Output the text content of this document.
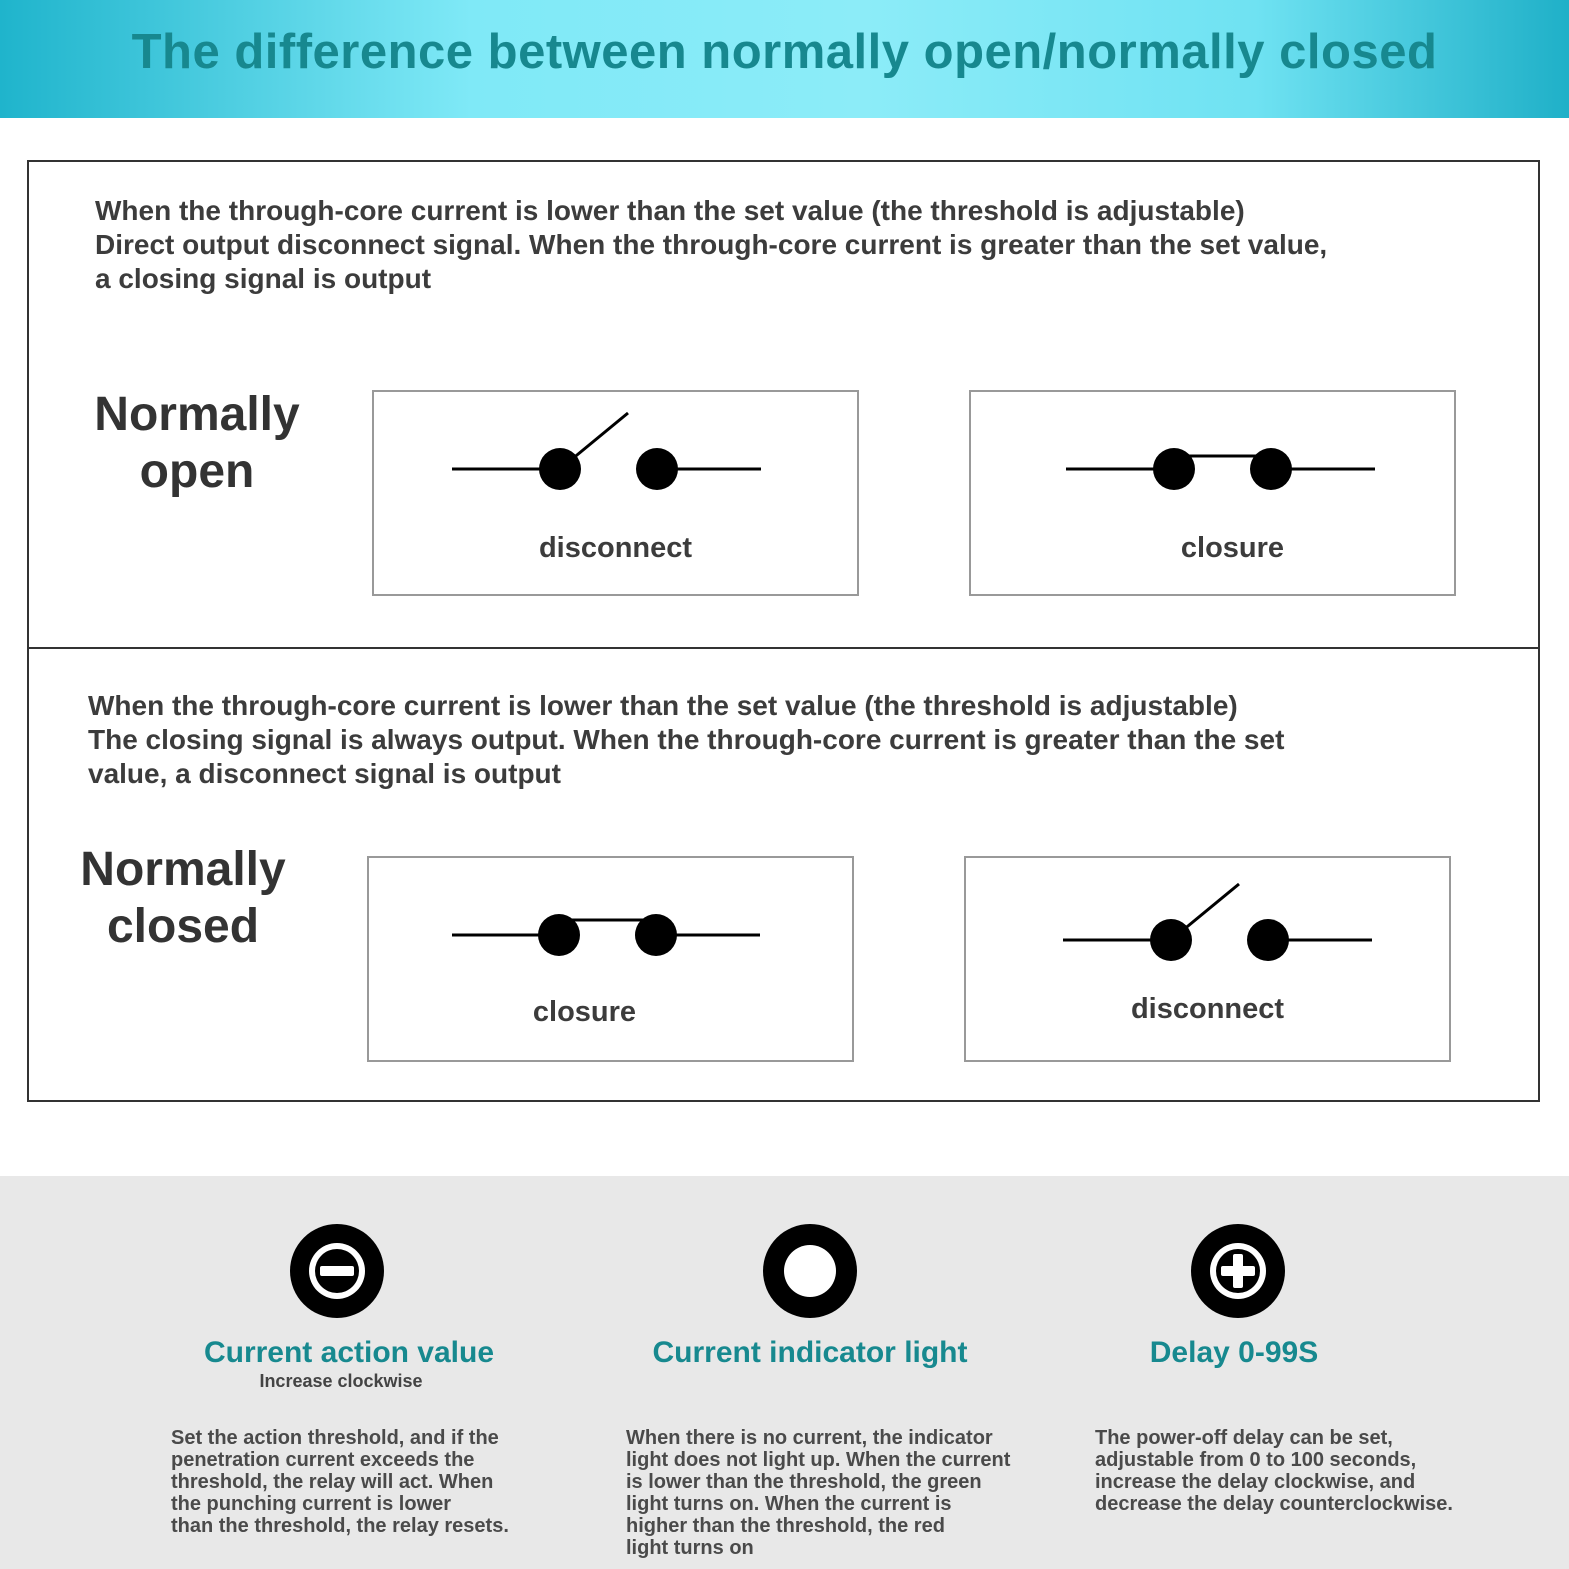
The difference between normally open/normally closed
When the through-core current is lower than the set value (the threshold is adjustable)
Direct output disconnect signal. When the through-core current is greater than the set value,
a closing signal is output
Normally
open
disconnect	closure
When the through-core current is lower than the set value (the threshold is adjustable)
The closing signal is always output. When the through-core current is greater than the set
value, a disconnect signal is output
Normally
closed
closure	disconnect
Current action value
Increase clockwise
Set the action threshold, and if the
penetration current exceeds the
threshold, the relay will act. When
the punching current is lower
than the threshold, the relay resets.
Current indicator light
When there is no current, the indicator
light does not light up. When the current
is lower than the threshold, the green
light turns on. When the current is
higher than the threshold, the red
light turns on
Delay 0-99S
The power-off delay can be set,
adjustable from 0 to 100 seconds,
increase the delay clockwise, and
decrease the delay counterclockwise.
